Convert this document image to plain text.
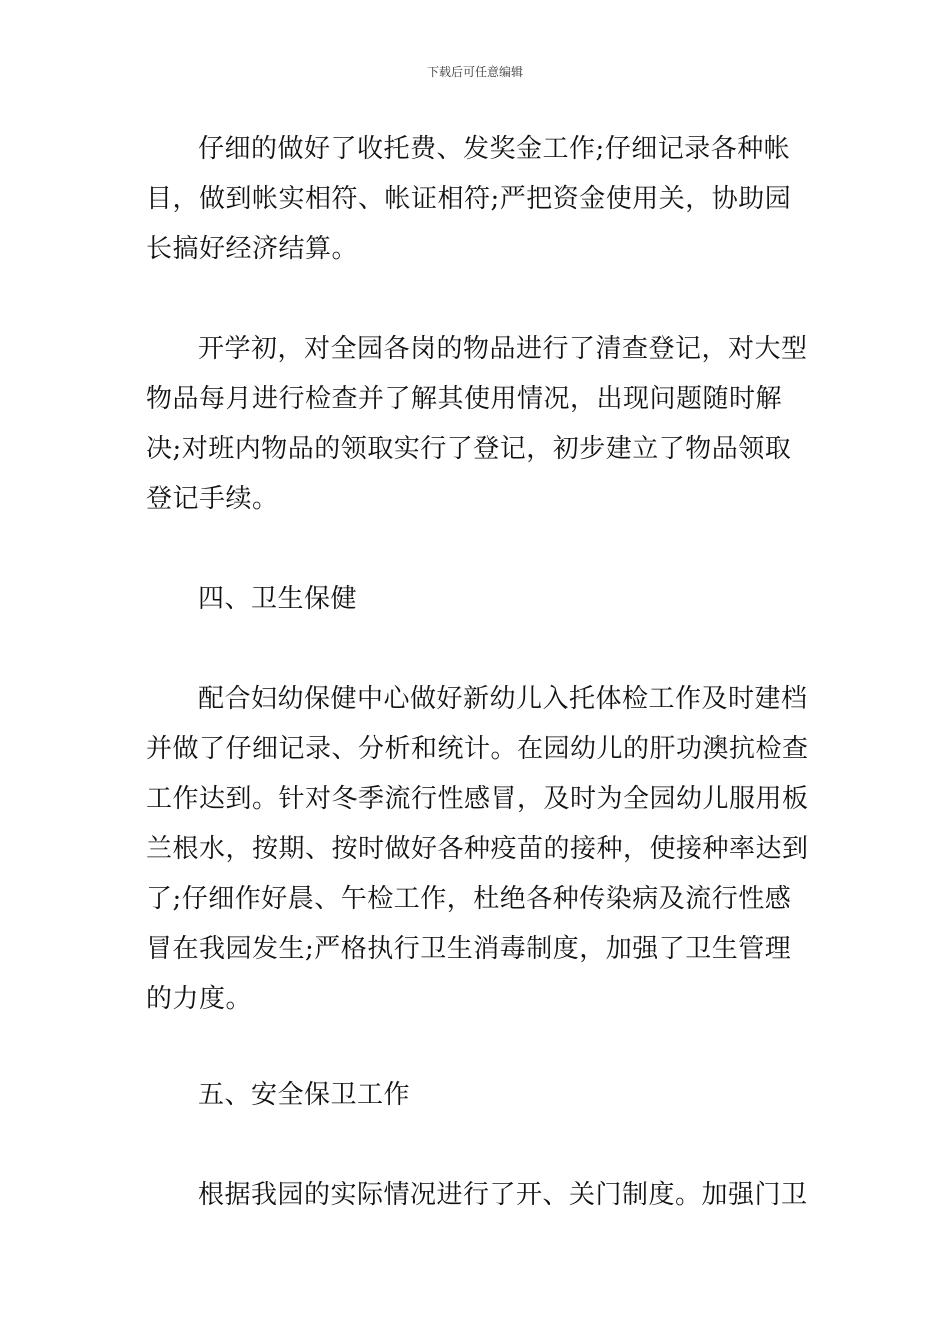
下载后可任意编辑

仔细的做好了收托费、发奖金工作;仔细记录各种帐目，做到帐实相符、帐证相符;严把资金使用关，协助园长搞好经济结算。

开学初，对全园各岗的物品进行了清查登记，对大型物品每月进行检查并了解其使用情况，出现问题随时解决;对班内物品的领取实行了登记，初步建立了物品领取登记手续。

四、卫生保健

配合妇幼保健中心做好新幼儿入托体检工作及时建档并做了仔细记录、分析和统计。在园幼儿的肝功澳抗检查工作达到。针对冬季流行性感冒，及时为全园幼儿服用板兰根水，按期、按时做好各种疫苗的接种，使接种率达到了;仔细作好晨、午检工作，杜绝各种传染病及流行性感冒在我园发生;严格执行卫生消毒制度，加强了卫生管理的力度。

五、安全保卫工作

根据我园的实际情况进行了开、关门制度。加强门卫
